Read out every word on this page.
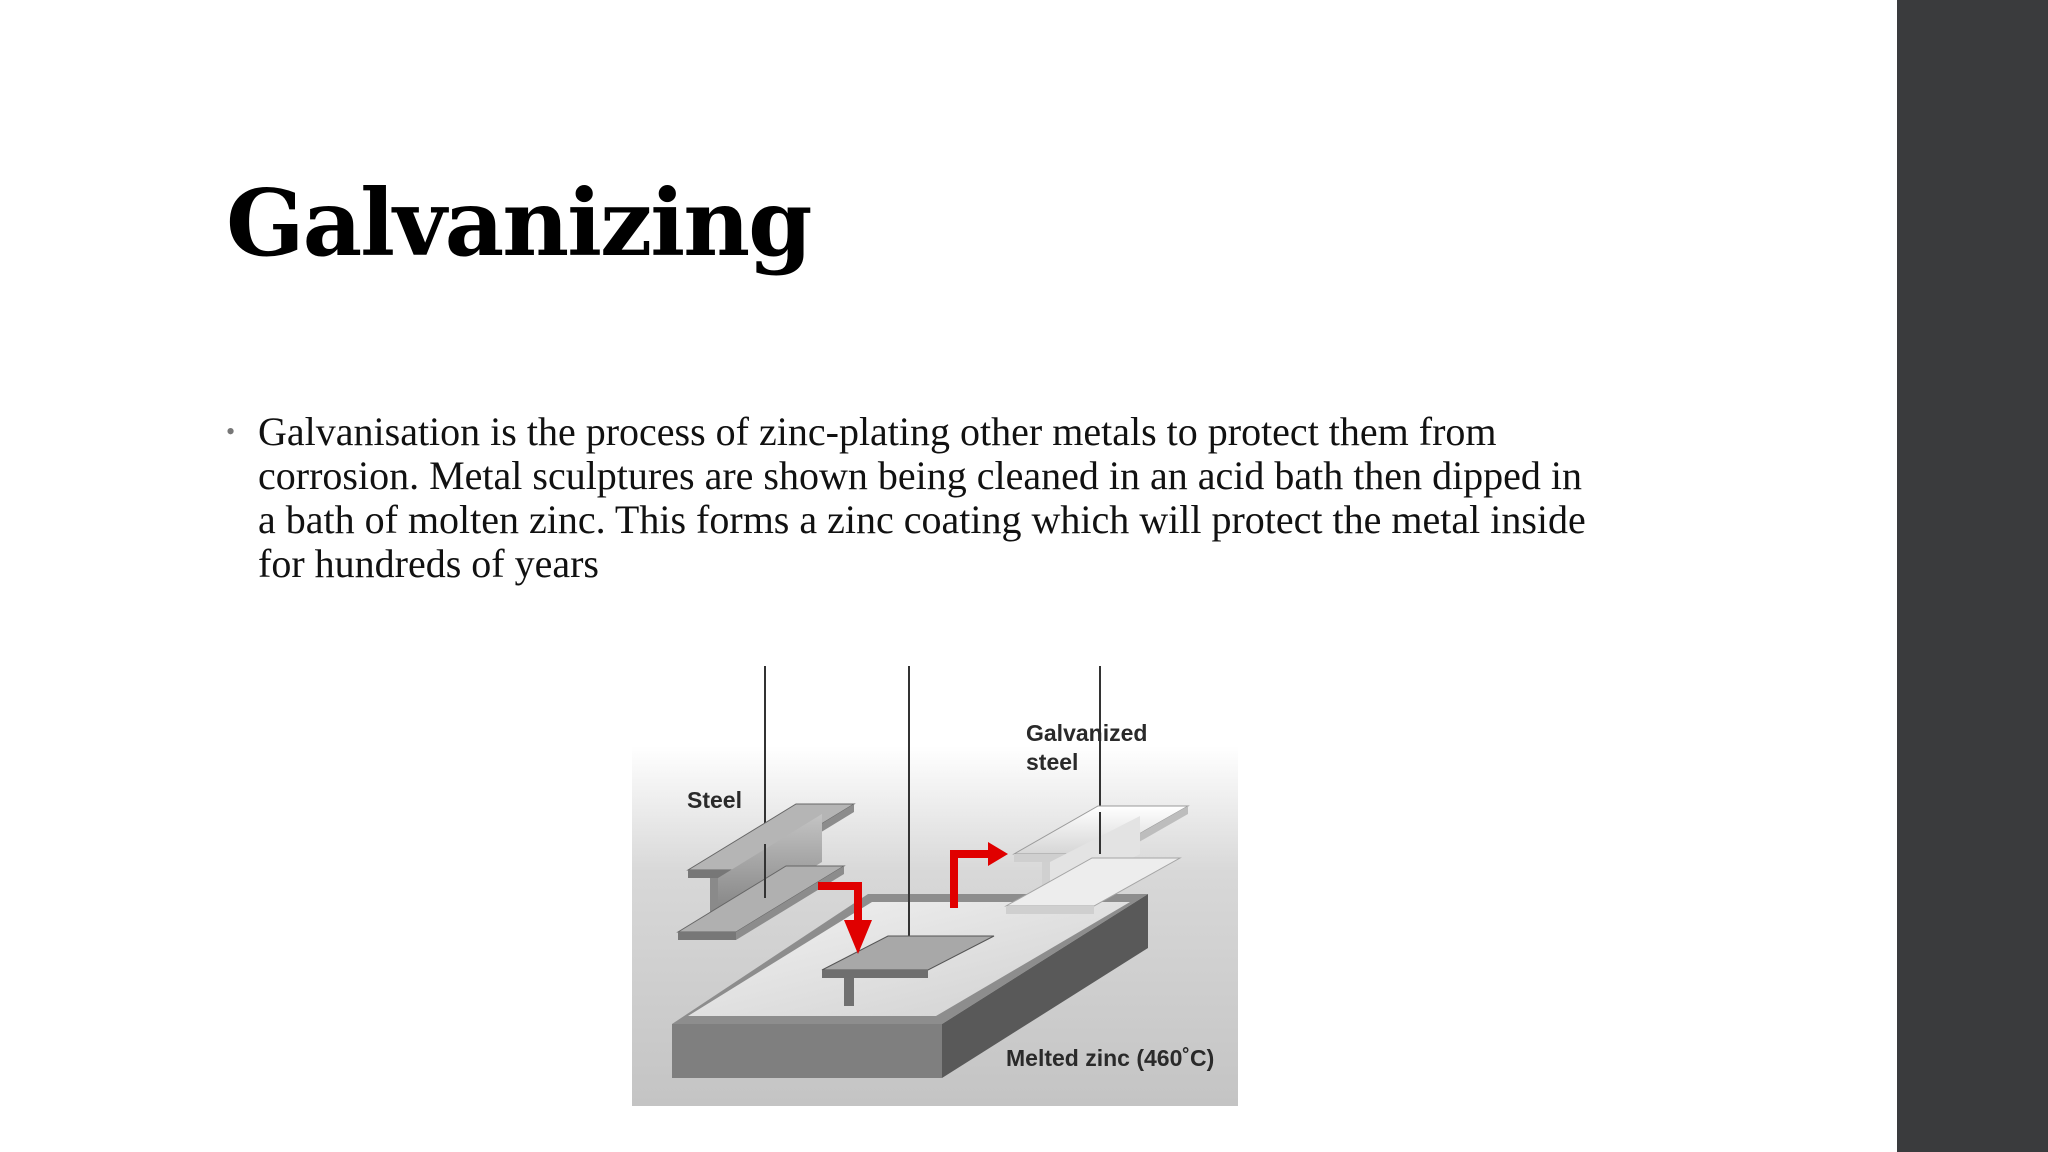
Galvanizing
• Galvanisation is the process of zinc-plating other metals to protect them from corrosion. Metal sculptures are shown being cleaned in an acid bath then dipped in a bath of molten zinc. This forms a zinc coating which will protect the metal inside for hundreds of years
Steel
Galvanized
steel
Melted zinc (460˚C)
